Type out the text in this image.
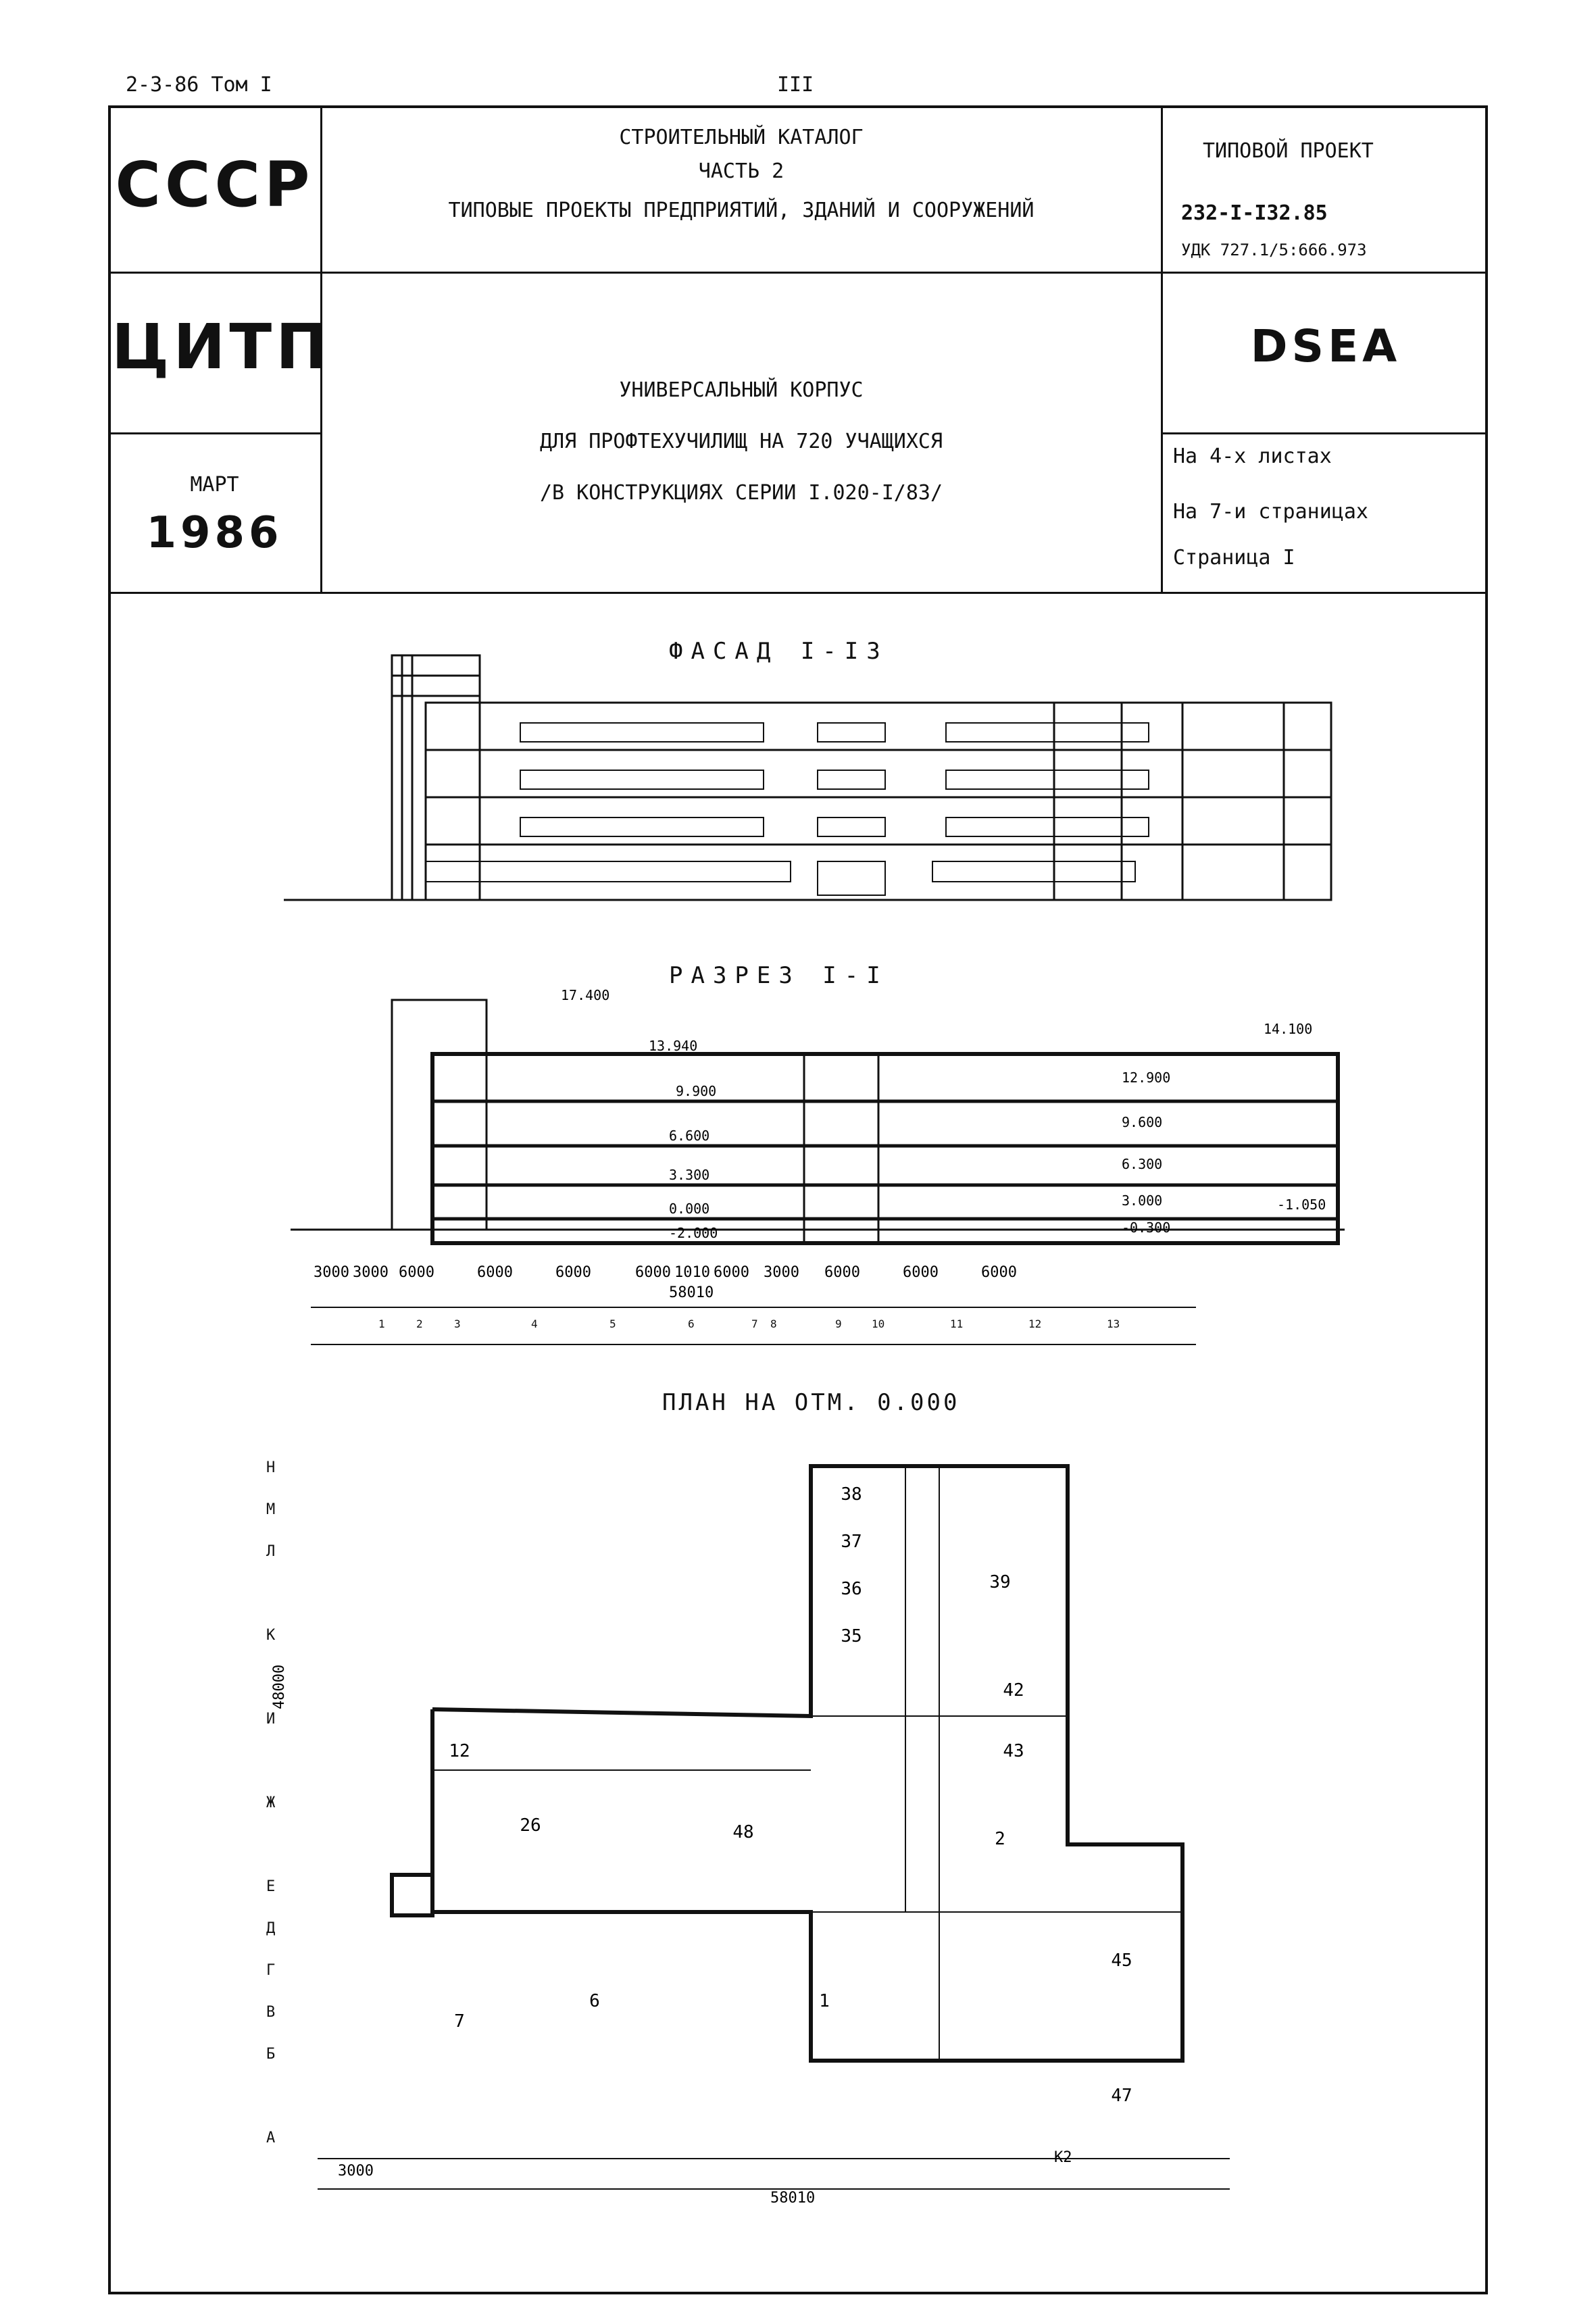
2-3-86 Том I	III
СССР
ЦИТП
МАРТ
1986
СТРОИТЕЛЬНЫЙ КАТАЛОГ
ЧАСТЬ 2
ТИПОВЫЕ ПРОЕКТЫ ПРЕДПРИЯТИЙ, ЗДАНИЙ И СООРУЖЕНИЙ
УНИВЕРСАЛЬНЫЙ КОРПУС
ДЛЯ ПРОФТЕХУЧИЛИЩ НА 720 УЧАЩИХСЯ
/В КОНСТРУКЦИЯХ СЕРИИ I.020-I/83/
ТИПОВОЙ ПРОЕКТ
232-I-I32.85
УДК 727.1/5:666.973
DSEA
На 4-х листах
На 7-и страницах
Страница I
ФАСАД I-I3
РАЗРЕЗ I-I
ПЛАН НА ОТМ. 0.000
17.400
13.940
9.900
6.600
3.300
0.000
-2.000
12.900
9.600
6.300
3.000
-0.300
14.100
-1.050
3000 3000 6000	6000	6000	6000 1010 6000 3000 6000	6000	6000
58010
38
37
36
35
39
42
43
12
26
6
7
1
45
47
2
48
3000
58010
48000
К2
1	2	3	4	5	6	7 8	9	10	11	12	13
Н
М
Л
К
И
Ж
Е
Д
Г
В
Б
А
